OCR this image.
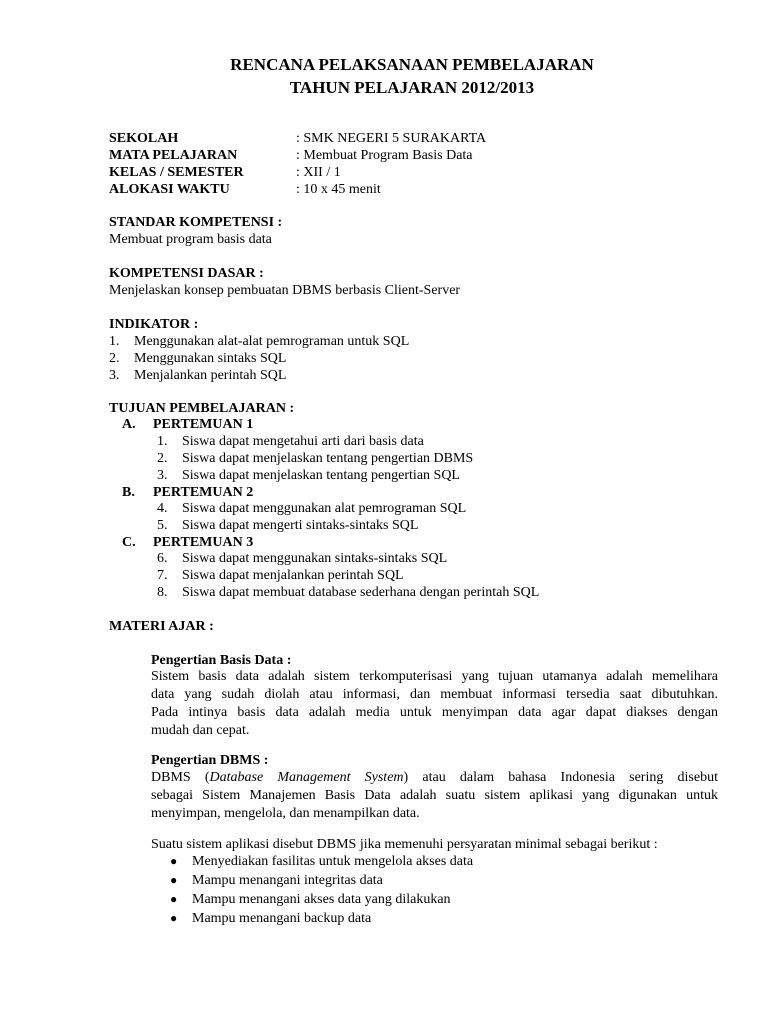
RENCANA PELAKSANAAN PEMBELAJARAN
TAHUN PELAJARAN 2012/2013
SEKOLAH	: SMK NEGERI 5 SURAKARTA
MATA PELAJARAN	: Membuat Program Basis Data
KELAS / SEMESTER	: XII / 1
ALOKASI WAKTU	: 10 x 45 menit
STANDAR KOMPETENSI :
Membuat program basis data
KOMPETENSI DASAR :
Menjelaskan konsep pembuatan DBMS berbasis Client-Server
INDIKATOR :
1. Menggunakan alat-alat pemrograman untuk SQL
2. Menggunakan sintaks SQL
3. Menjalankan perintah SQL
TUJUAN PEMBELAJARAN :
A. PERTEMUAN 1
1. Siswa dapat mengetahui arti dari basis data
2. Siswa dapat menjelaskan tentang pengertian DBMS
3. Siswa dapat menjelaskan tentang pengertian SQL
B. PERTEMUAN 2
4. Siswa dapat menggunakan alat pemrograman SQL
5. Siswa dapat mengerti sintaks-sintaks SQL
C. PERTEMUAN 3
6. Siswa dapat menggunakan sintaks-sintaks SQL
7. Siswa dapat menjalankan perintah SQL
8. Siswa dapat membuat database sederhana dengan perintah SQL
MATERI AJAR :
Pengertian Basis Data :
Sistem basis data adalah sistem terkomputerisasi yang tujuan utamanya adalah memelihara
data yang sudah diolah atau informasi, dan membuat informasi tersedia saat dibutuhkan.
Pada intinya basis data adalah media untuk menyimpan data agar dapat diakses dengan
mudah dan cepat.
Pengertian DBMS :
DBMS (Database Management System) atau dalam bahasa Indonesia sering disebut
sebagai Sistem Manajemen Basis Data adalah suatu sistem aplikasi yang digunakan untuk
menyimpan, mengelola, dan menampilkan data.
Suatu sistem aplikasi disebut DBMS jika memenuhi persyaratan minimal sebagai berikut :
● Menyediakan fasilitas untuk mengelola akses data
● Mampu menangani integritas data
● Mampu menangani akses data yang dilakukan
● Mampu menangani backup data
